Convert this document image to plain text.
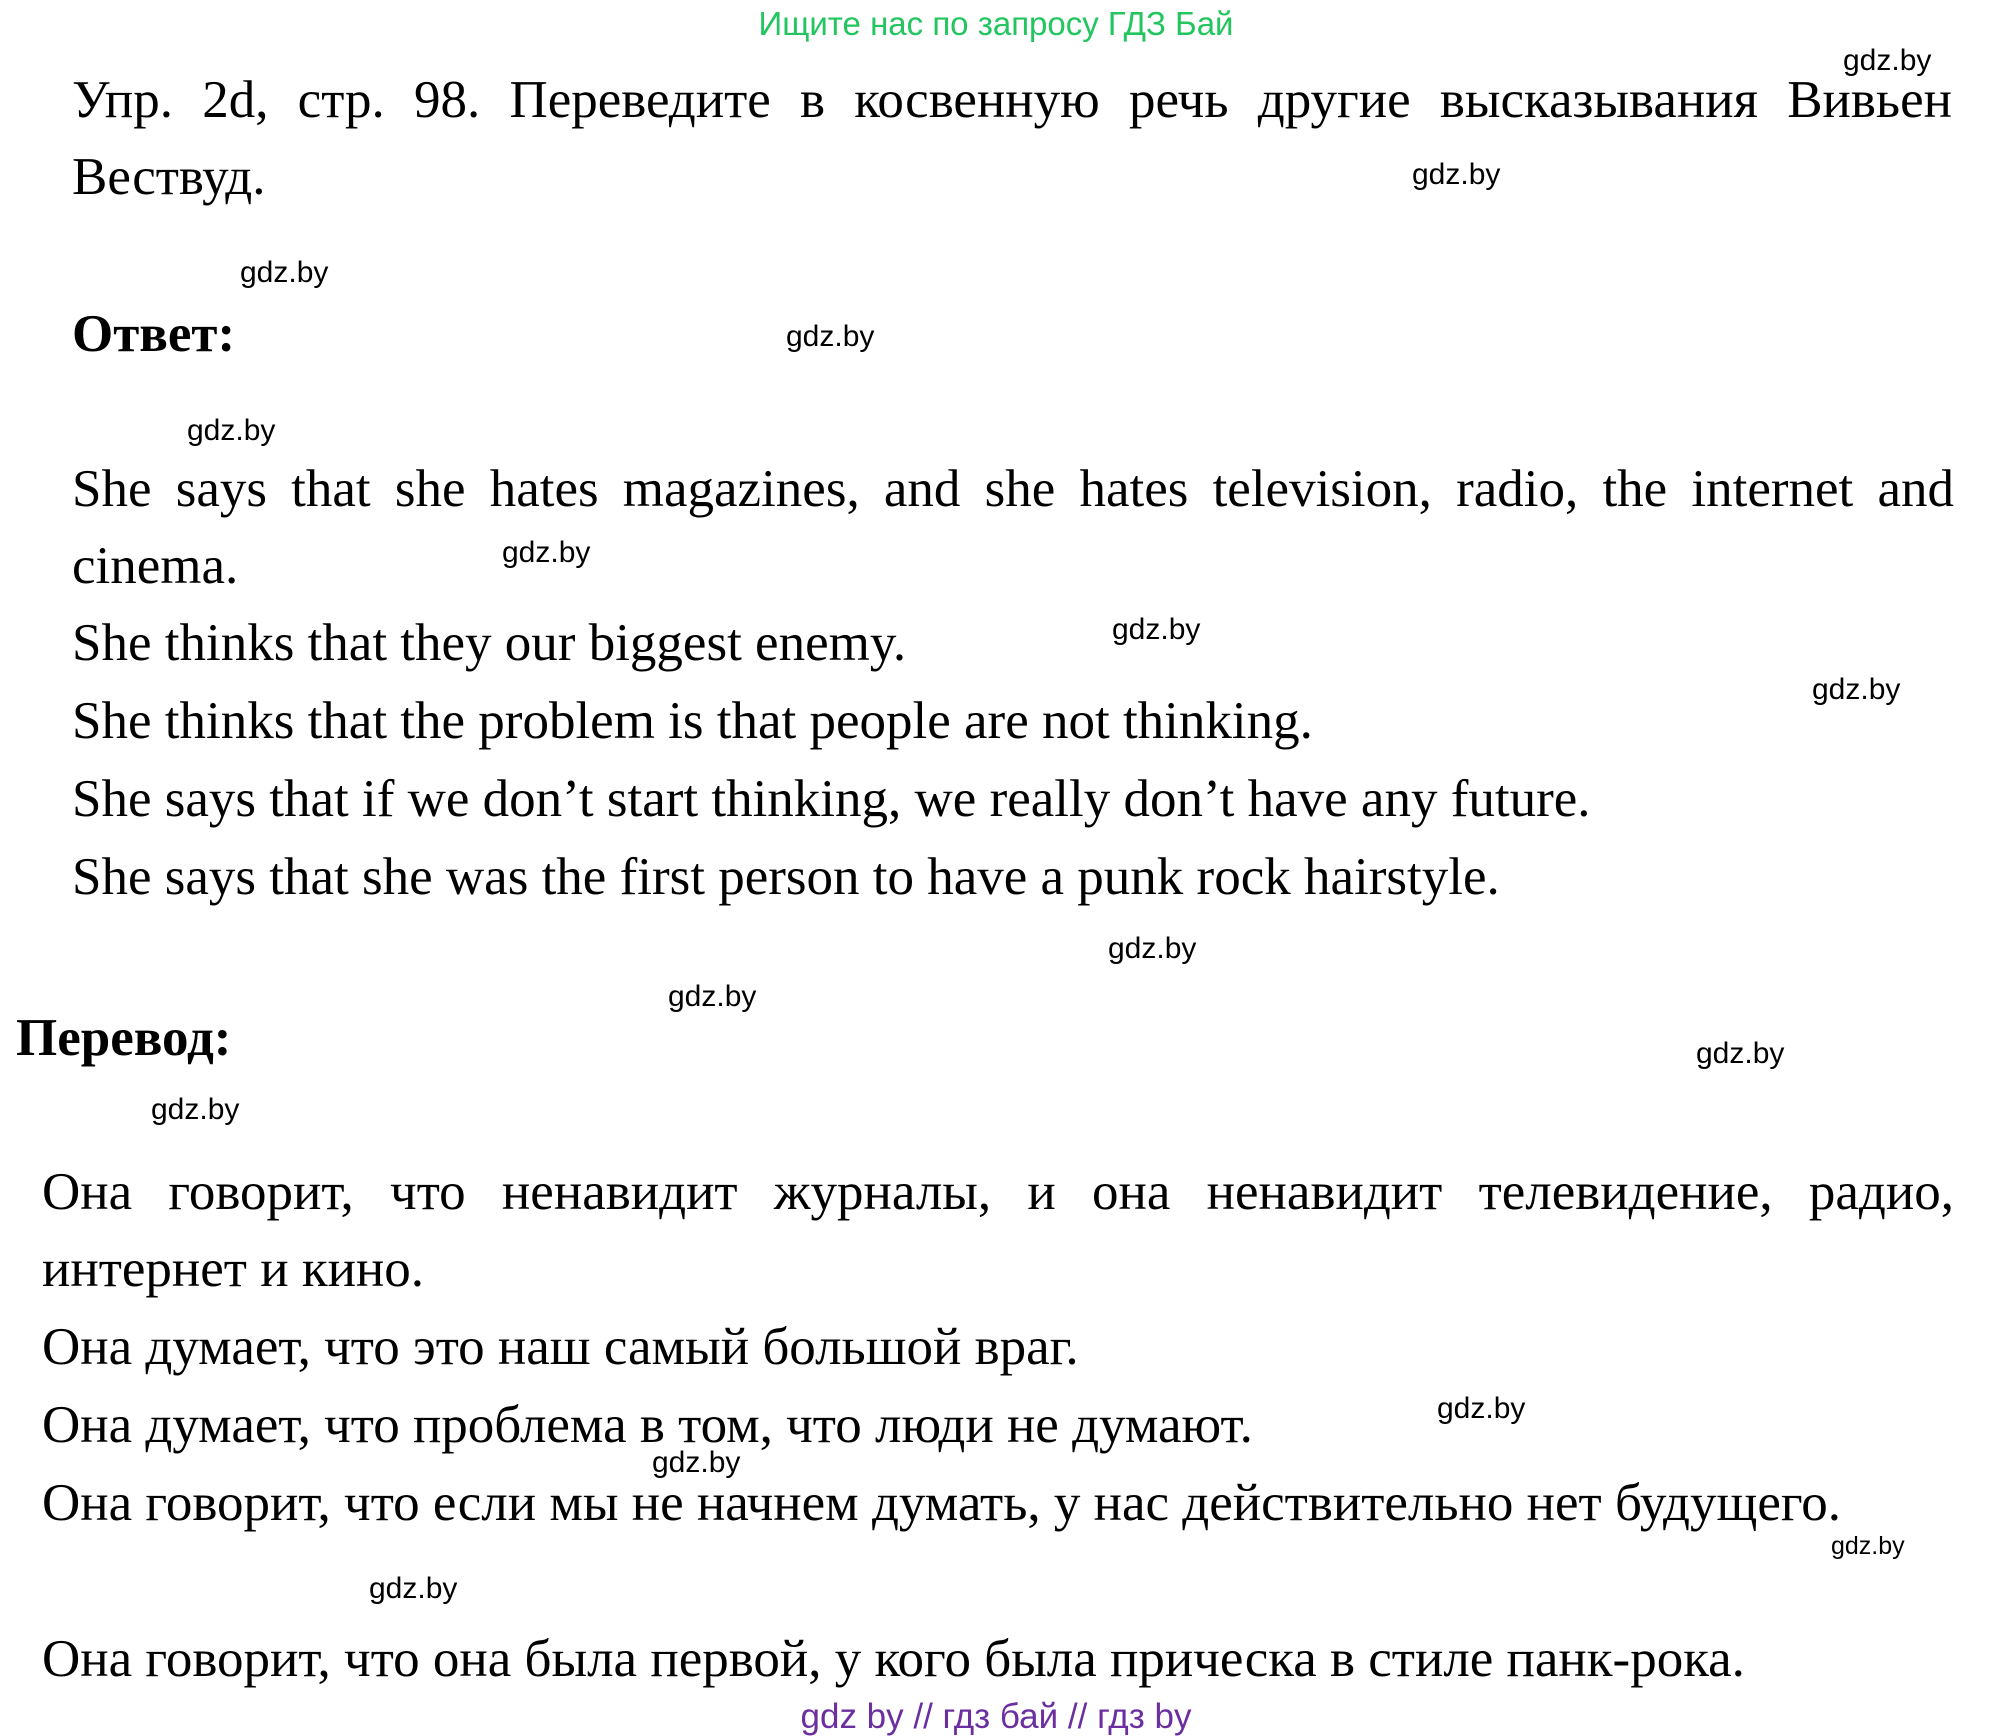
Ищите нас по запросу ГДЗ Бай
Упр. 2d, стр. 98. Переведите в косвенную речь другие высказывания Вивьен Вествуд.
Ответ:
She says that she hates magazines, and she hates television, radio, the internet and cinema.
She thinks that they our biggest enemy.
She thinks that the problem is that people are not thinking.
She says that if we don’t start thinking, we really don’t have any future.
She says that she was the first person to have a punk rock hairstyle.
Перевод:
Она говорит, что ненавидит журналы, и она ненавидит телевидение, радио, интернет и кино.
Она думает, что это наш самый большой враг.
Она думает, что проблема в том, что люди не думают.
Она говорит, что если мы не начнем думать, у нас действительно нет будущего.
Она говорит, что она была первой, у кого была прическа в стиле панк-рока.
gdz.by
gdz.by
gdz.by
gdz.by
gdz.by
gdz.by
gdz.by
gdz.by
gdz.by
gdz.by
gdz.by
gdz.by
gdz.by
gdz.by
gdz.by
gdz.by
gdz by // гдз бай // гдз by
